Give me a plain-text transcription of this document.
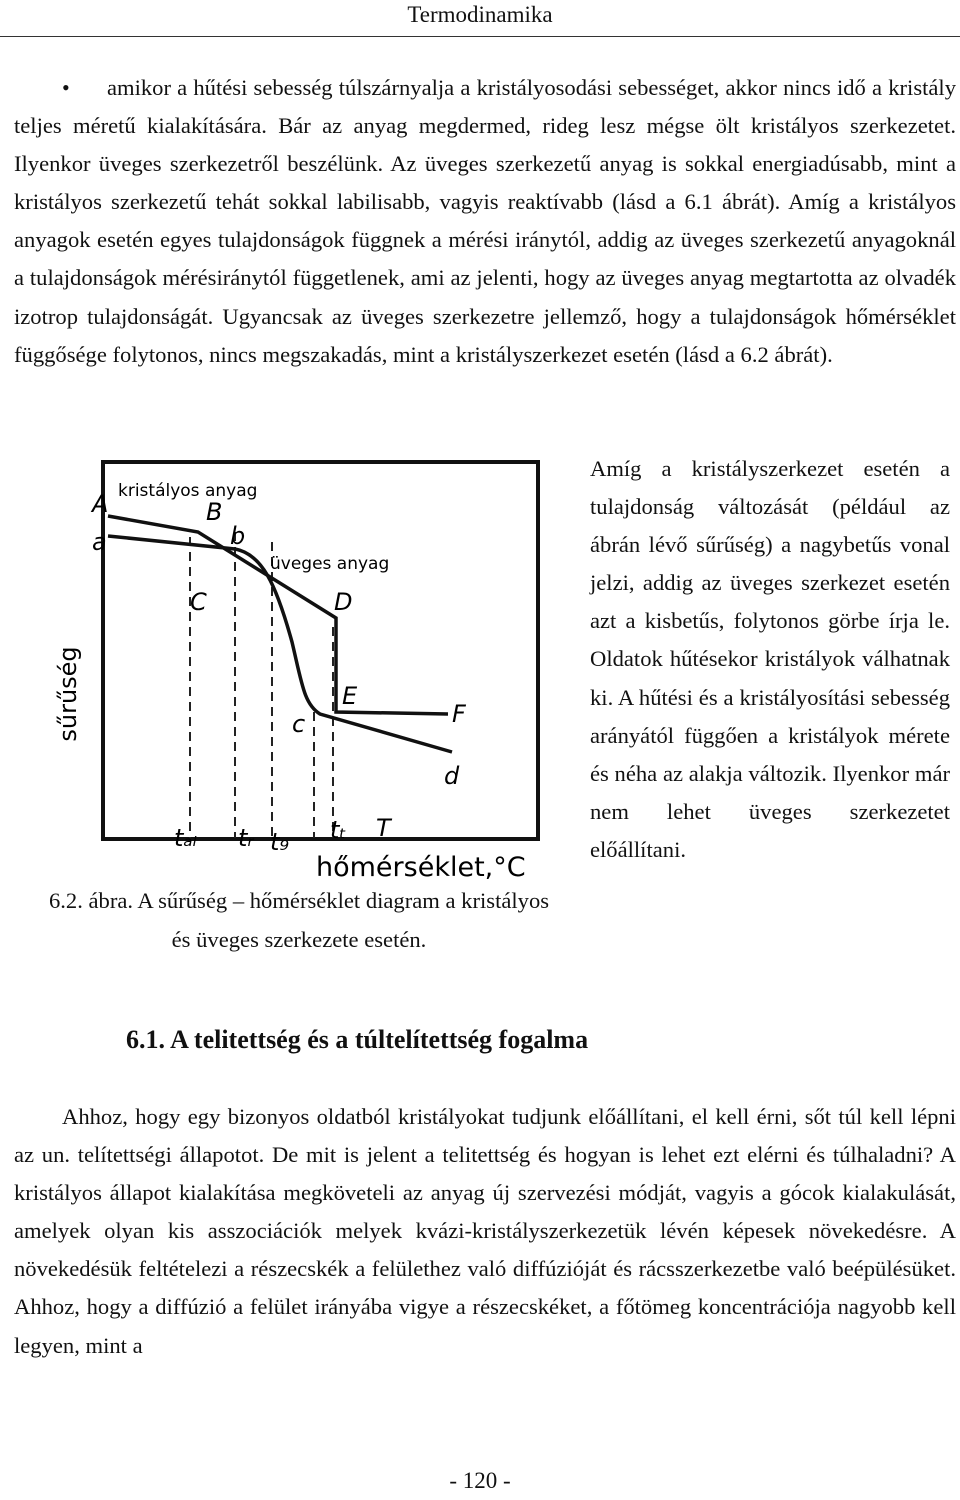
Termodinamika
•	amikor a hűtési sebesség túlszárnyalja a kristályosodási sebességet, akkor nincs idő a kristály teljes méretű kialakítására. Bár az anyag megdermed, rideg lesz mégse ölt kristályos szerkezetet. Ilyenkor üveges szerkezetről beszélünk. Az üveges szerkezetű anyag is sokkal energiadúsabb, mint a kristályos szerkezetű tehát sokkal labilisabb, vagyis reaktívabb (lásd a 6.1 ábrát). Amíg a kristályos anyagok esetén egyes tulajdonságok függnek a mérési iránytól, addig az üveges szerkezetű anyagoknál a tulajdonságok mérésiránytól függetlenek, ami az jelenti, hogy az üveges anyag megtartotta az olvadék izotrop tulajdonságát. Ugyancsak az üveges szerkezetre jellemző, hogy a tulajdonságok hőmérséklet függősége folytonos, nincs megszakadás, mint a kristályszerkezet esetén (lásd a 6.2 ábrát).

kristályos anyag
üveges anyag
sűrűség
A	B
a	b
C	D
c
E
F
d
tₐₗ tᵣ t₉ tₜ T
hőmérséklet,°C

6.2. ábra. A sűrűség – hőmérséklet diagram a kristályos és üveges szerkezete esetén.

Amíg a kristályszerkezet esetén a tulajdonság változását (például az ábrán lévő sűrűség) a nagybetűs vonal jelzi, addig az üveges szerkezet esetén azt a kisbetűs, folytonos görbe írja le. Oldatok hűtésekor kristályok válhatnak ki. A hűtési és a kristályosítási sebesség arányától függően a kristályok mérete és néha az alakja változik. Ilyenkor már nem lehet üveges szerkezetet előállítani.

6.1. A telitettség és a túltelítettség fogalma

Ahhoz, hogy egy bizonyos oldatból kristályokat tudjunk előállítani, el kell érni, sőt túl kell lépni az un. telítettségi állapotot. De mit is jelent a telitettség és hogyan is lehet ezt elérni és túlhaladni? A kristályos állapot kialakítása megköveteli az anyag új szervezési módját, vagyis a gócok kialakulását, amelyek olyan kis asszociációk melyek kvázi-kristályszerkezetük lévén képesek növekedésre. A növekedésük feltételezi a részecskék a felülethez való diffúzióját és rácsszerkezetbe való beépülésüket. Ahhoz, hogy a diffúzió a felület irányába vigye a részecskéket, a főtömeg koncentrációja nagyobb kell legyen, mint a

- 120 -
